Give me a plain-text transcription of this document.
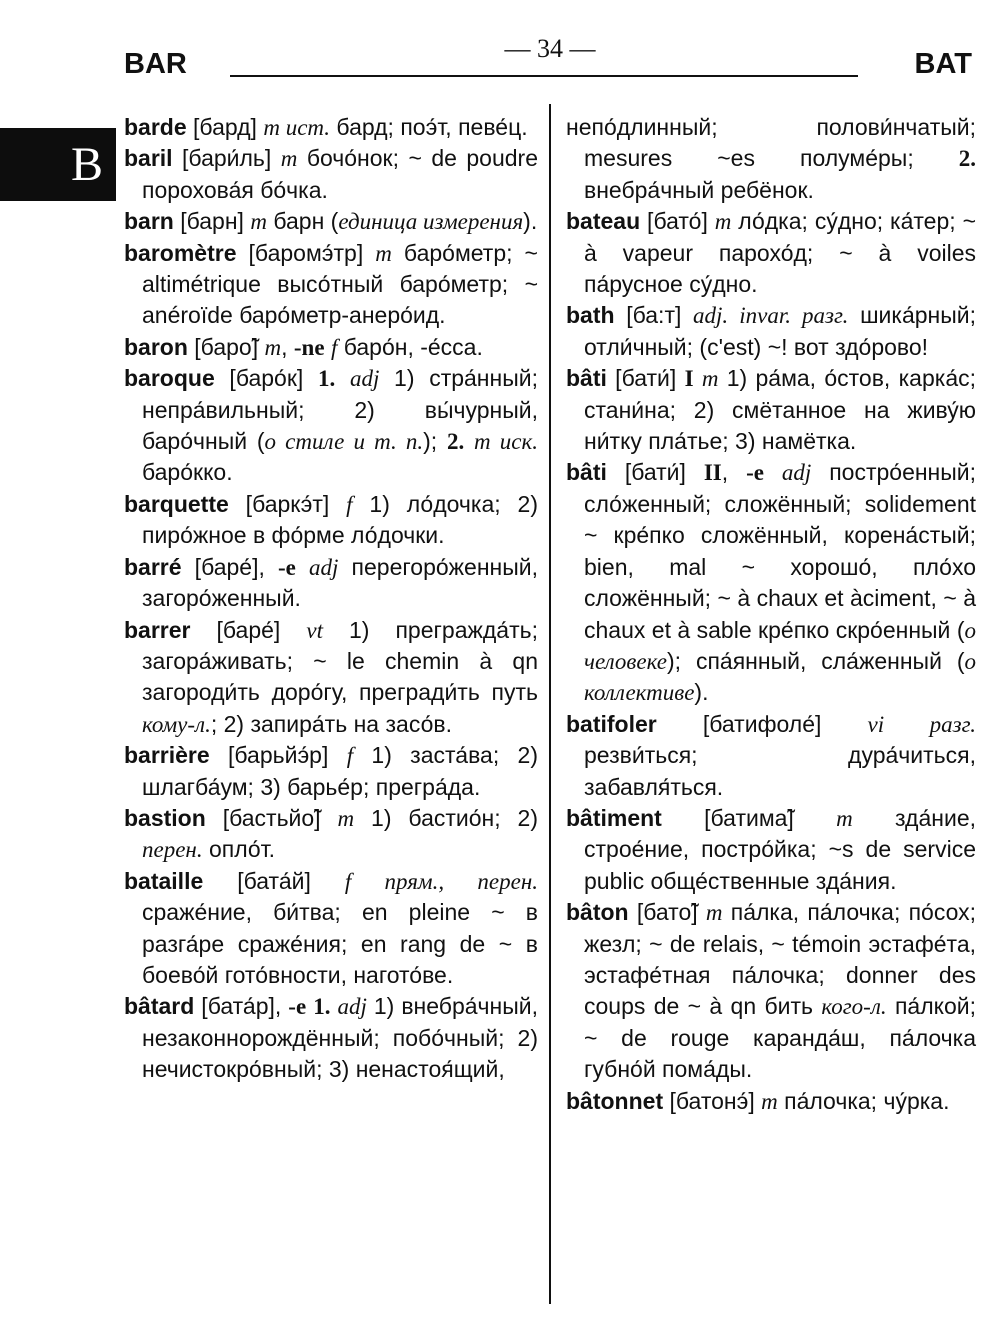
BAR	— 34 —	BAT
B

barde [бард] m ист. бард; поэ́т, певе́ц.

baril [бари́ль] m бочо́нок; ~ de poudre порохова́я бо́чка.

barn [барн] m барн (единица измерения).

baromètre [баромэ́тр] m баро́метр; ~ altimétrique высо́тный баро́метр; ~ anéroïde баро́метр-анеро́ид.

baron [баро̃] m, -ne f баро́н, -е́сса.

baroque [баро́к] 1. adj 1) стра́нный; непра́вильный; 2) вы́чурный, баро́чный (о стиле и т. п.); 2. m иск. баро́кко.

barquette [баркэ́т] f 1) ло́дочка; 2) пиро́жное в фо́рме ло́дочки.

barré [баре́], -e adj перегоро́женный, загоро́женный.

barrer [баре́] vt 1) прегражда́ть; загора́живать; ~ le chemin à qn загороди́ть доро́гу, прегради́ть путь кому-л.; 2) запира́ть на засо́в.

barrière [барьйэ́р] f 1) заста́ва; 2) шлагба́ум; 3) барье́р; прегра́да.

bastion [бастьйо̃] m 1) бастио́н; 2) перен. опло́т.

bataille [бата́й] f прям., перен. сраже́ние, би́тва; en pleine ~ в разга́ре сраже́ния; en rang de ~ в боево́й гото́вности, нагото́ве.

bâtard [бата́р], -e 1. adj 1) внебра́чный, незаконнорождённый; побо́чный; 2) нечистокро́вный; 3) ненастоя́щий,

непо́длинный; полови́нчатый; mesures ~es полуме́ры; 2. внебра́чный ребёнок.

bateau [бато́] m ло́дка; су́дно; ка́тер; ~ à vapeur парохо́д; ~ à voiles па́русное су́дно.

bath [ба:т] adj. invar. разг. шика́рный; отли́чный; (c'est) ~! вот здо́рово!

bâti [бати́] I m 1) ра́ма, о́стов, карка́с; стани́на; 2) смётанное на живу́ю ни́тку пла́тье; 3) намётка.

bâti [бати́] II, -e adj постро́енный; сло́женный; сложённый; solidement ~ кре́пко сложённый, корена́стый; bien, mal ~ хорошо́, пло́хо сложённый; ~ à chaux et àciment, ~ à chaux et à sable кре́пко скро́енный (о человеке); спа́янный, сла́женный (о коллективе).

batifoler [батифоле́] vi разг. резви́ться; дура́читься, забавля́ться.

bâtiment [батима̃] m зда́ние, строе́ние, постро́йка; ~s de service public обще́ственные зда́ния.

bâton [бато̃] m па́лка, па́лочка; по́сох; жезл; ~ de relais, ~ témoin эстафе́та, эстафе́тная па́лочка; donner des coups de ~ à qn бить кого-л. па́лкой; ~ de rouge каранда́ш, па́лочка губно́й пома́ды.

bâtonnet [батонэ́] m па́лочка; чу́рка.
